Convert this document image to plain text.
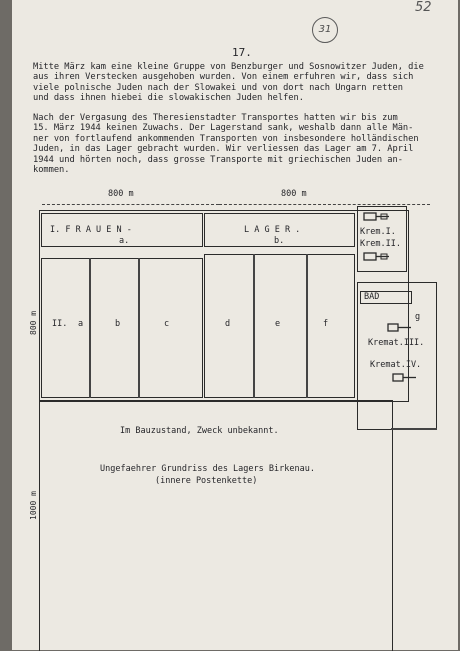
52
31
17.
Mitte März kam eine kleine Gruppe von Benzburger und Sosnowitzer Juden, die
aus ihren Verstecken ausgehoben wurden. Von einem erfuhren wir, dass sich
viele polnische Juden nach der Slowakei und von dort nach Ungarn retten
und dass ihnen hiebei die slowakischen Juden helfen.
Nach der Vergasung des Theresienstadter Transportes hatten wir bis zum
15. März 1944 keinen Zuwachs. Der Lagerstand sank, weshalb dann alle Män-
ner von fortlaufend ankommenden Transporten von insbesondere holländischen
Juden, in das Lager gebracht wurden. Wir verliessen das Lager am 7. April
1944 und hörten noch, dass grosse Transporte mit griechischen Juden an-
kommen.
800 m	800 m
800 m
1000 m
I. F R A U E N -
a.
L A G E R .
b.
Krem.I.
Krem.II.
II. a	b	c	d	e	f
BAD
g
Kremat.III.
Kremat.IV.
Im Bauzustand, Zweck unbekannt.
Ungefaehrer Grundriss des Lagers Birkenau.
(innere Postenkette)
